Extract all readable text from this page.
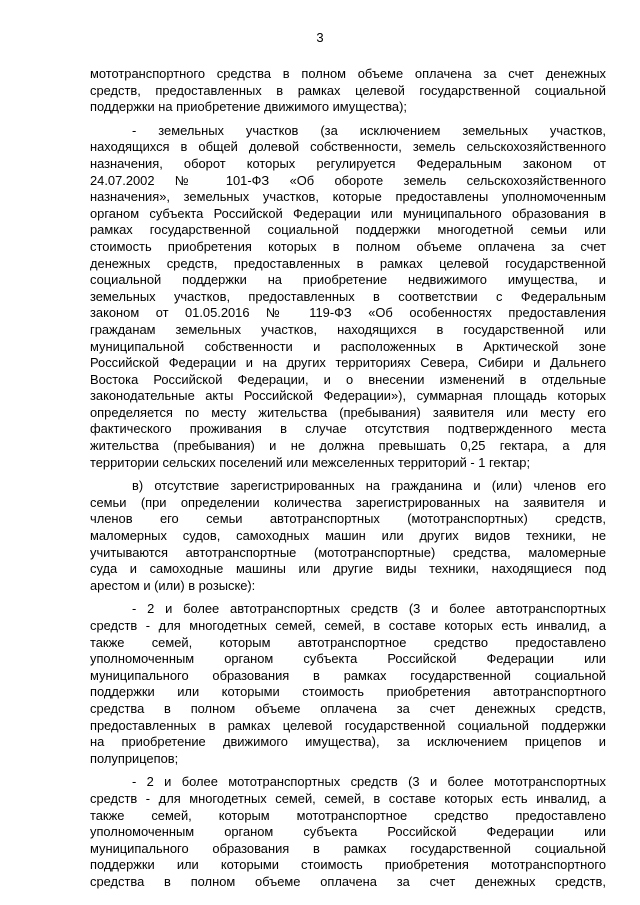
3
мототранспортного средства в полном объеме оплачена за счет денежных
средств, предоставленных в рамках целевой государственной социальной
поддержки на приобретение движимого имущества);
- земельных участков (за исключением земельных участков,
находящихся в общей долевой собственности, земель сельскохозяйственного
назначения, оборот которых регулируется Федеральным законом от
24.07.2002 № 101-ФЗ «Об обороте земель сельскохозяйственного
назначения», земельных участков, которые предоставлены уполномоченным
органом субъекта Российской Федерации или муниципального образования в
рамках государственной социальной поддержки многодетной семьи или
стоимость приобретения которых в полном объеме оплачена за счет
денежных средств, предоставленных в рамках целевой государственной
социальной поддержки на приобретение недвижимого имущества, и
земельных участков, предоставленных в соответствии с Федеральным
законом от 01.05.2016 № 119-ФЗ «Об особенностях предоставления
гражданам земельных участков, находящихся в государственной или
муниципальной собственности и расположенных в Арктической зоне
Российской Федерации и на других территориях Севера, Сибири и Дальнего
Востока Российской Федерации, и о внесении изменений в отдельные
законодательные акты Российской Федерации»), суммарная площадь которых
определяется по месту жительства (пребывания) заявителя или месту его
фактического проживания в случае отсутствия подтвержденного места
жительства (пребывания) и не должна превышать 0,25 гектара, а для
территории сельских поселений или межселенных территорий - 1 гектар;
в) отсутствие зарегистрированных на гражданина и (или) членов его
семьи (при определении количества зарегистрированных на заявителя и
членов его семьи автотранспортных (мототранспортных) средств,
маломерных судов, самоходных машин или других видов техники, не
учитываются автотранспортные (мототранспортные) средства, маломерные
суда и самоходные машины или другие виды техники, находящиеся под
арестом и (или) в розыске):
- 2 и более автотранспортных средств (3 и более автотранспортных
средств - для многодетных семей, семей, в составе которых есть инвалид, а
также семей, которым автотранспортное средство предоставлено
уполномоченным органом субъекта Российской Федерации или
муниципального образования в рамках государственной социальной
поддержки или которыми стоимость приобретения автотранспортного
средства в полном объеме оплачена за счет денежных средств,
предоставленных в рамках целевой государственной социальной поддержки
на приобретение движимого имущества), за исключением прицепов и
полуприцепов;
- 2 и более мототранспортных средств (3 и более мототранспортных
средств - для многодетных семей, семей, в составе которых есть инвалид, а
также семей, которым мототранспортное средство предоставлено
уполномоченным органом субъекта Российской Федерации или
муниципального образования в рамках государственной социальной
поддержки или которыми стоимость приобретения мототранспортного
средства в полном объеме оплачена за счет денежных средств,
